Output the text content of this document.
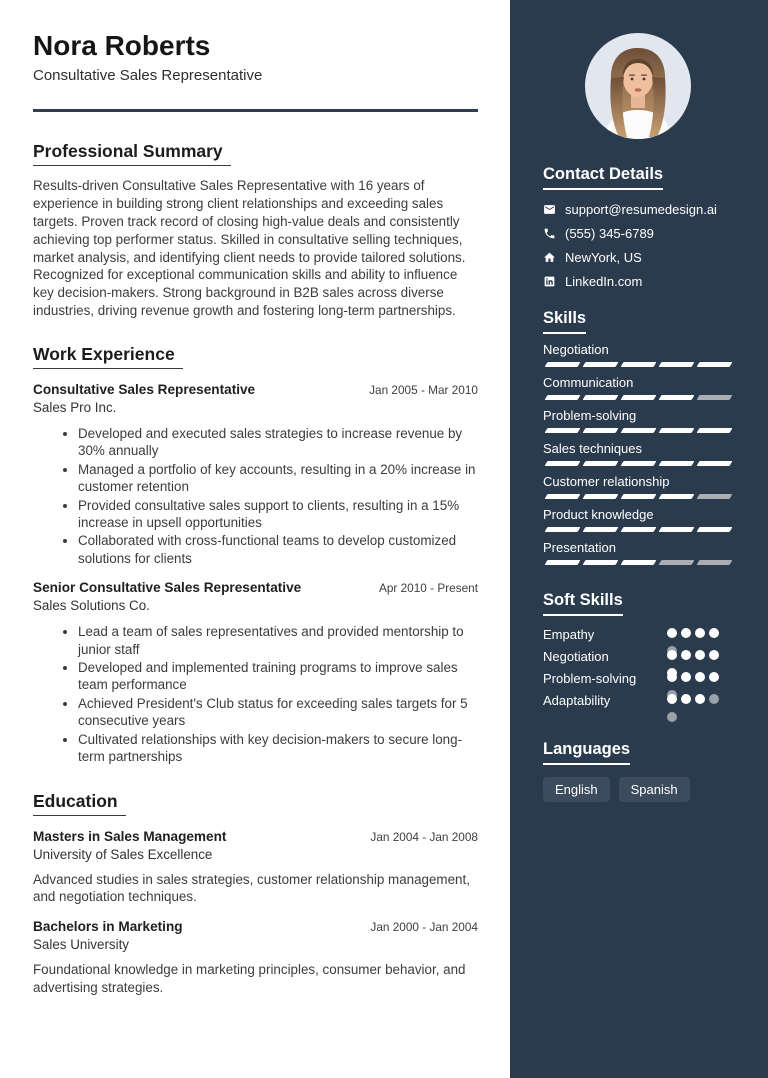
Nora Roberts
Consultative Sales Representative
Professional Summary
Results-driven Consultative Sales Representative with 16 years of experience in building strong client relationships and exceeding sales targets. Proven track record of closing high-value deals and consistently achieving top performer status. Skilled in consultative selling techniques, market analysis, and identifying client needs to provide tailored solutions. Recognized for exceptional communication skills and ability to influence key decision-makers. Strong background in B2B sales across diverse industries, driving revenue growth and fostering long-term partnerships.
Work Experience
Consultative Sales Representative	Jan 2005 - Mar 2010
Sales Pro Inc.
• Developed and executed sales strategies to increase revenue by 30% annually
• Managed a portfolio of key accounts, resulting in a 20% increase in customer retention
• Provided consultative sales support to clients, resulting in a 15% increase in upsell opportunities
• Collaborated with cross-functional teams to develop customized solutions for clients
Senior Consultative Sales Representative	Apr 2010 - Present
Sales Solutions Co.
• Lead a team of sales representatives and provided mentorship to junior staff
• Developed and implemented training programs to improve sales team performance
• Achieved President's Club status for exceeding sales targets for 5 consecutive years
• Cultivated relationships with key decision-makers to secure long-term partnerships
Education
Masters in Sales Management	Jan 2004 - Jan 2008
University of Sales Excellence
Advanced studies in sales strategies, customer relationship management, and negotiation techniques.
Bachelors in Marketing	Jan 2000 - Jan 2004
Sales University
Foundational knowledge in marketing principles, consumer behavior, and advertising strategies.
Contact Details
support@resumedesign.ai
(555) 345-6789
NewYork, US
LinkedIn.com
Skills
Negotiation
Communication
Problem-solving
Sales techniques
Customer relationship
Product knowledge
Presentation
Soft Skills
Empathy
Negotiation
Problem-solving
Adaptability
Languages
English	Spanish
